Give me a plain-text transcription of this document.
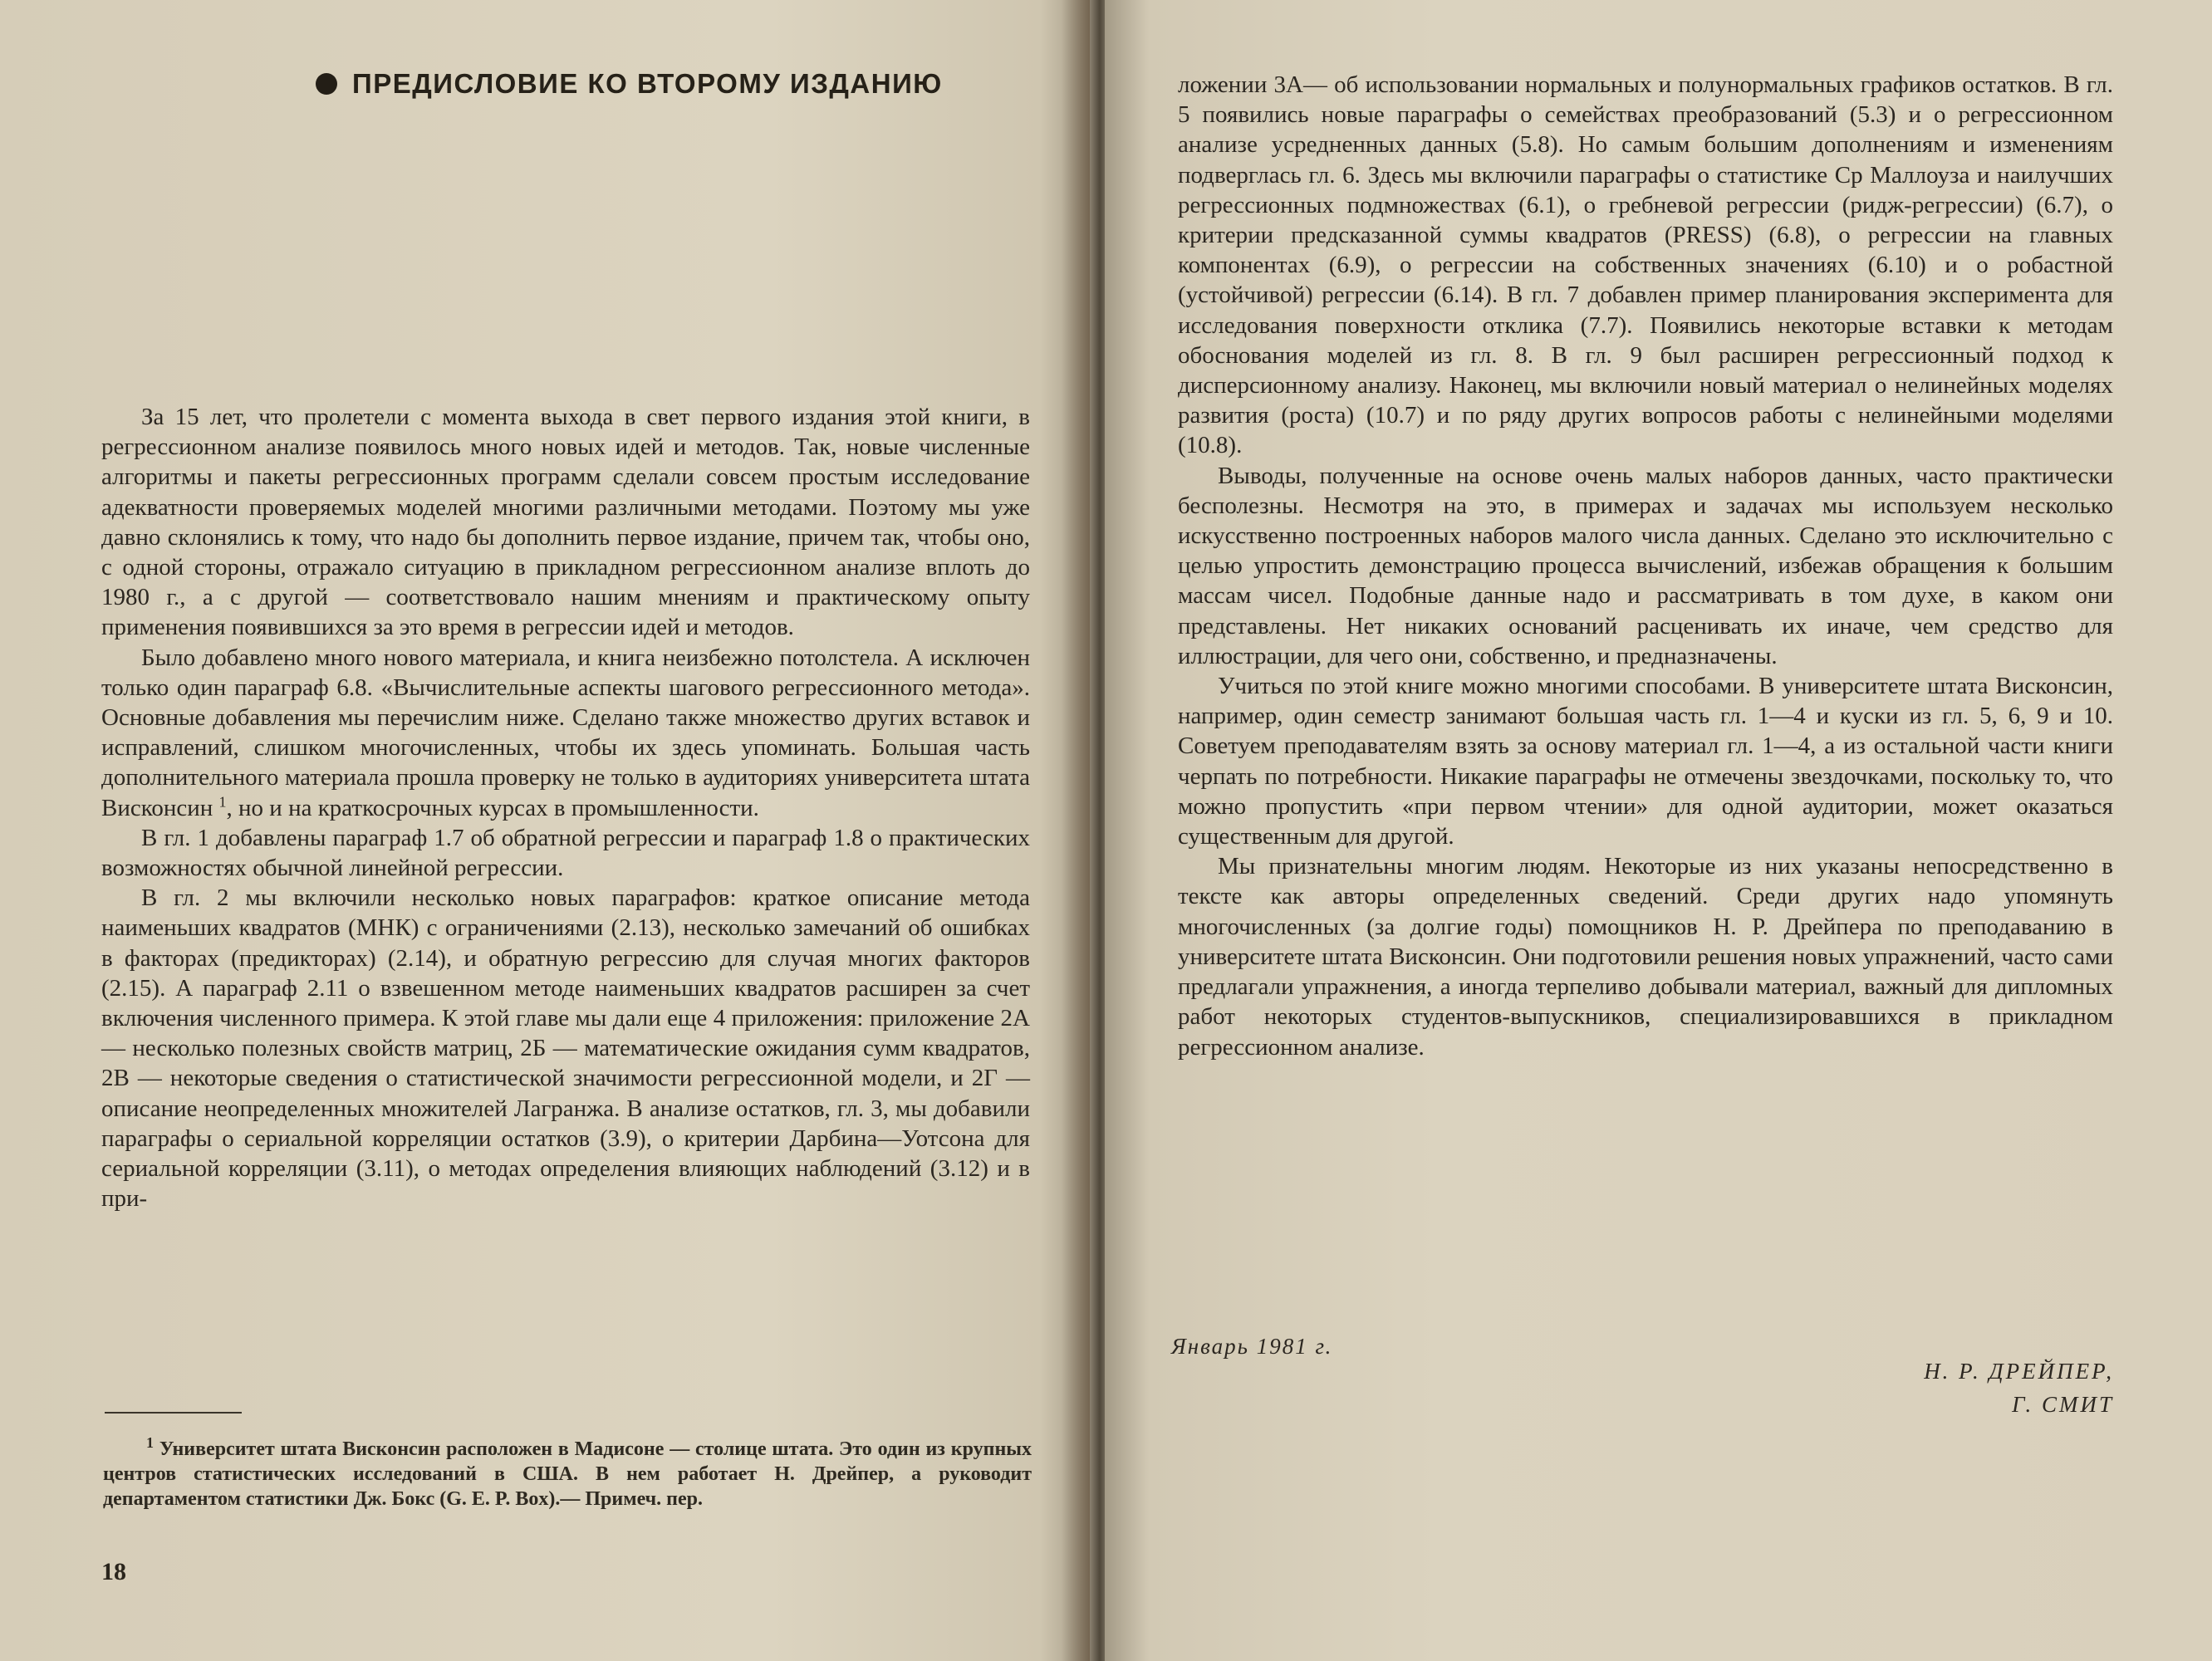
ПРЕДИСЛОВИЕ КО ВТОРОМУ ИЗДАНИЮ

За 15 лет, что пролетели с момента выхода в свет первого издания этой книги, в регрессионном анализе появилось много новых идей и методов. Так, новые численные алгоритмы и пакеты регрессионных программ сделали совсем простым исследование адекватности проверяемых моделей многими различными методами. Поэтому мы уже давно склонялись к тому, что надо бы дополнить первое издание, причем так, чтобы оно, с одной стороны, отражало ситуацию в прикладном регрессионном анализе вплоть до 1980 г., а с другой — соответствовало нашим мнениям и практическому опыту применения появившихся за это время в регрессии идей и методов.

Было добавлено много нового материала, и книга неизбежно потолстела. А исключен только один параграф 6.8. «Вычислительные аспекты шагового регрессионного метода». Основные добавления мы перечислим ниже. Сделано также множество других вставок и исправлений, слишком многочисленных, чтобы их здесь упоминать. Большая часть дополнительного материала прошла проверку не только в аудиториях университета штата Висконсин $^1$, но и на краткосрочных курсах в промышленности.

В гл. 1 добавлены параграф 1.7 об обратной регрессии и параграф 1.8 о практических возможностях обычной линейной регрессии.

В гл. 2 мы включили несколько новых параграфов: краткое описание метода наименьших квадратов (МНК) с ограничениями (2.13), несколько замечаний об ошибках в факторах (предикторах) (2.14), и обратную регрессию для случая многих факторов (2.15). А параграф 2.11 о взвешенном методе наименьших квадратов расширен за счет включения численного примера. К этой главе мы дали еще 4 приложения: приложение 2А — несколько полезных свойств матриц, 2Б — математические ожидания сумм квадратов, 2В — некоторые сведения о статистической значимости регрессионной модели, и 2Г — описание неопределенных множителей Лагранжа. В анализе остатков, гл. 3, мы добавили параграфы о сериальной корреляции остатков (3.9), о критерии Дарбина—Уотсона для сериальной корреляции (3.11), о методах определения влияющих наблюдений (3.12) и в при-

$^1$ Университет штата Висконсин расположен в Мадисоне — столице штата. Это один из крупных центров статистических исследований в США. В нем работает Н. Дрейпер, а руководит департаментом статистики Дж. Бокс (G. E. P. Box).— Примеч. пер.

18

ложении 3А— об использовании нормальных и полунормальных графиков остатков. В гл. 5 появились новые параграфы о семействах преобразований (5.3) и о регрессионном анализе усредненных данных (5.8). Но самым большим дополнениям и изменениям подверглась гл. 6. Здесь мы включили параграфы о статистике Cp Маллоуза и наилучших регрессионных подмножествах (6.1), о гребневой регрессии (ридж-регрессии) (6.7), о критерии предсказанной суммы квадратов (PRESS) (6.8), о регрессии на главных компонентах (6.9), о регрессии на собственных значениях (6.10) и о робастной (устойчивой) регрессии (6.14). В гл. 7 добавлен пример планирования эксперимента для исследования поверхности отклика (7.7). Появились некоторые вставки к методам обоснования моделей из гл. 8. В гл. 9 был расширен регрессионный подход к дисперсионному анализу. Наконец, мы включили новый материал о нелинейных моделях развития (роста) (10.7) и по ряду других вопросов работы с нелинейными моделями (10.8).

Выводы, полученные на основе очень малых наборов данных, часто практически бесполезны. Несмотря на это, в примерах и задачах мы используем несколько искусственно построенных наборов малого числа данных. Сделано это исключительно с целью упростить демонстрацию процесса вычислений, избежав обращения к большим массам чисел. Подобные данные надо и рассматривать в том духе, в каком они представлены. Нет никаких оснований расценивать их иначе, чем средство для иллюстрации, для чего они, собственно, и предназначены.

Учиться по этой книге можно многими способами. В университете штата Висконсин, например, один семестр занимают большая часть гл. 1—4 и куски из гл. 5, 6, 9 и 10. Советуем преподавателям взять за основу материал гл. 1—4, а из остальной части книги черпать по потребности. Никакие параграфы не отмечены звездочками, поскольку то, что можно пропустить «при первом чтении» для одной аудитории, может оказаться существенным для другой.

Мы признательны многим людям. Некоторые из них указаны непосредственно в тексте как авторы определенных сведений. Среди других надо упомянуть многочисленных (за долгие годы) помощников Н. Р. Дрейпера по преподаванию в университете штата Висконсин. Они подготовили решения новых упражнений, часто сами предлагали упражнения, а иногда терпеливо добывали материал, важный для дипломных работ некоторых студентов-выпускников, специализировавшихся в прикладном регрессионном анализе.

Январь 1981 г.
Н. Р. ДРЕЙПЕР,
Г. СМИТ
